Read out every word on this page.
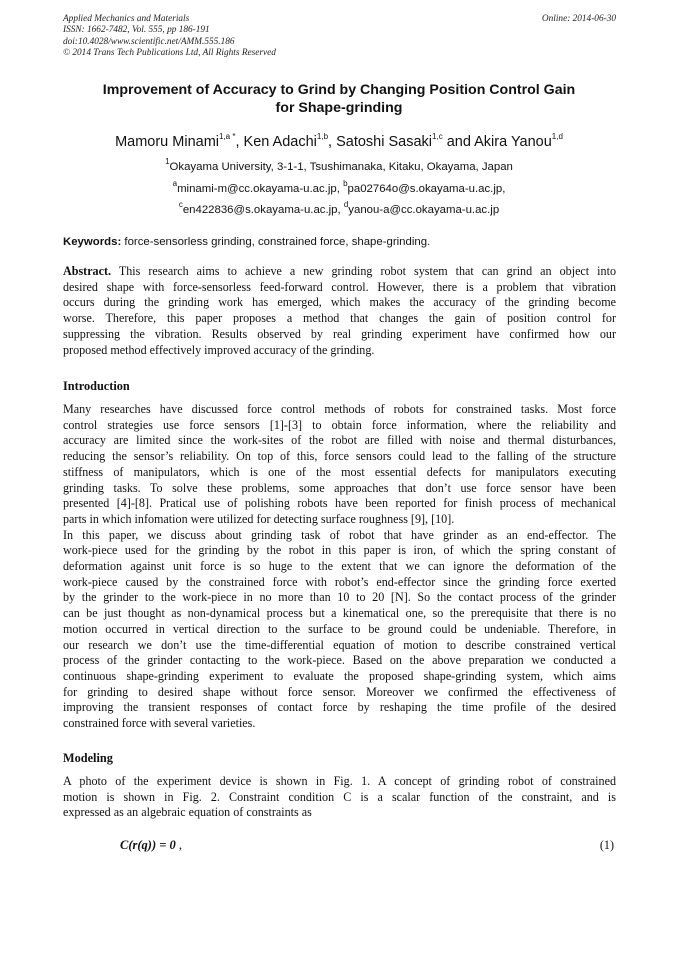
Applied Mechanics and Materials
ISSN: 1662-7482, Vol. 555, pp 186-191
doi:10.4028/www.scientific.net/AMM.555.186
© 2014 Trans Tech Publications Ltd, All Rights Reserved
Online: 2014-06-30
Improvement of Accuracy to Grind by Changing Position Control Gain
for Shape-grinding
Mamoru Minami$^{1,a *}$, Ken Adachi$^{1,b}$, Satoshi Sasaki$^{1,c}$ and Akira Yanou$^{1,d}$
$^1$Okayama University, 3-1-1, Tsushimanaka, Kitaku, Okayama, Japan
$^a$minami-m@cc.okayama-u.ac.jp, $^b$pa02764o@s.okayama-u.ac.jp,
$^c$en422836@s.okayama-u.ac.jp, $^d$yanou-a@cc.okayama-u.ac.jp
Keywords: force-sensorless grinding, constrained force, shape-grinding.
Abstract. This research aims to achieve a new grinding robot system that can grind an object into
desired shape with force-sensorless feed-forward control. However, there is a problem that vibration
occurs during the grinding work has emerged, which makes the accuracy of the grinding become
worse. Therefore, this paper proposes a method that changes the gain of position control for
suppressing the vibration. Results observed by real grinding experiment have confirmed how our
proposed method effectively improved accuracy of the grinding.
Introduction
Many researches have discussed force control methods of robots for constrained tasks. Most force
control strategies use force sensors [1]-[3] to obtain force information, where the reliability and
accuracy are limited since the work-sites of the robot are filled with noise and thermal disturbances,
reducing the sensor’s reliability. On top of this, force sensors could lead to the falling of the structure
stiffness of manipulators, which is one of the most essential defects for manipulators executing
grinding tasks. To solve these problems, some approaches that don’t use force sensor have been
presented [4]-[8]. Pratical use of polishing robots have been reported for finish process of mechanical
parts in which infomation were utilized for detecting surface roughness [9], [10].
In this paper, we discuss about grinding task of robot that have grinder as an end-effector. The
work-piece used for the grinding by the robot in this paper is iron, of which the spring constant of
deformation against unit force is so huge to the extent that we can ignore the deformation of the
work-piece caused by the constrained force with robot’s end-effector since the grinding force exerted
by the grinder to the work-piece in no more than 10 to 20 [N]. So the contact process of the grinder
can be just thought as non-dynamical process but a kinematical one, so the prerequisite that there is no
motion occurred in vertical direction to the surface to be ground could be undeniable. Therefore, in
our research we don’t use the time-differential equation of motion to describe constrained vertical
process of the grinder contacting to the work-piece. Based on the above preparation we conducted a
continuous shape-grinding experiment to evaluate the proposed shape-grinding system, which aims
for grinding to desired shape without force sensor. Moreover we confirmed the effectiveness of
improving the transient responses of contact force by reshaping the time profile of the desired
constrained force with several varieties.
Modeling
A photo of the experiment device is shown in Fig. 1. A concept of grinding robot of constrained
motion is shown in Fig. 2. Constraint condition C is a scalar function of the constraint, and is
expressed as an algebraic equation of constraints as
C(r(q)) = 0 ,	(1)
